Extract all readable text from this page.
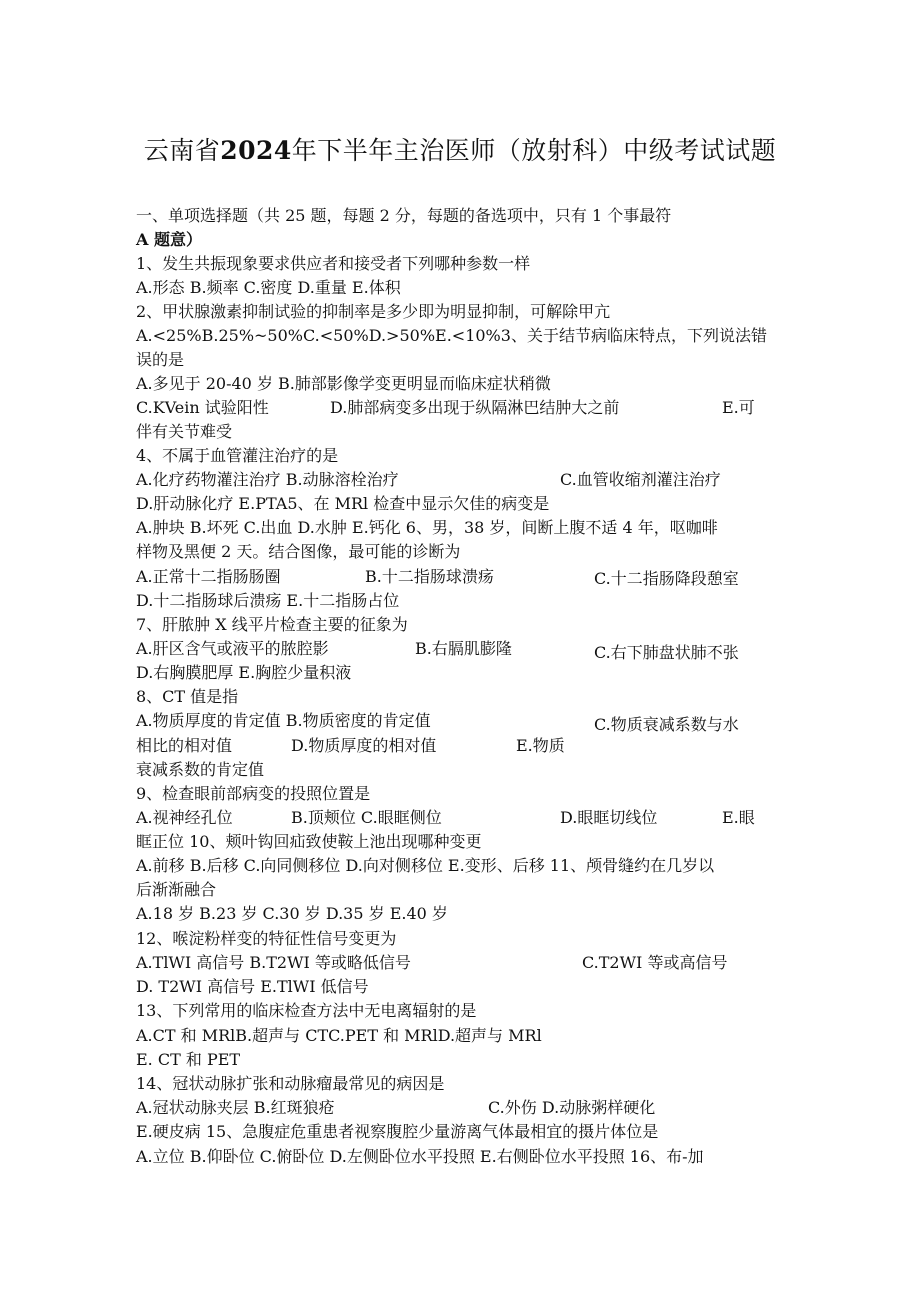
云南省2024年下半年主治医师（放射科）中级考试试题
一、单项选择题（共 25 题，每题 2 分，每题的备选项中，只有 1 个事最符
A 题意）
1、发生共振现象要求供应者和接受者下列哪种参数一样
A.形态 B.频率 C.密度 D.重量 E.体积
2、甲状腺激素抑制试验的抑制率是多少即为明显抑制，可解除甲亢
A.<25%B.25%~50%C.<50%D.>50%E.<10%3、关于结节病临床特点，下列说法错
误的是
A.多见于 20-40 岁 B.肺部影像学变更明显而临床症状稍微
C.KVein 试验阳性	D.肺部病变多出现于纵隔淋巴结肿大之前	E.可
伴有关节难受
4、不属于血管灌注治疗的是
A.化疗药物灌注治疗 B.动脉溶栓治疗	C.血管收缩剂灌注治疗
D.肝动脉化疗 E.PTA5、在 MRl 检查中显示欠佳的病变是
A.肿块 B.坏死 C.出血 D.水肿 E.钙化 6、男，38 岁，间断上腹不适 4 年，呕咖啡
样物及黑便 2 天。结合图像，最可能的诊断为
A.正常十二指肠肠圈	B.十二指肠球溃疡	C.十二指肠降段憩室
D.十二指肠球后溃疡 E.十二指肠占位
7、肝脓肿 X 线平片检查主要的征象为
A.肝区含气或液平的脓腔影	B.右膈肌膨隆	C.右下肺盘状肺不张
D.右胸膜肥厚 E.胸腔少量积液
8、CT 值是指
A.物质厚度的肯定值 B.物质密度的肯定值	C.物质衰减系数与水
相比的相对值	D.物质厚度的相对值	E.物质
衰减系数的肯定值
9、检查眼前部病变的投照位置是
A.视神经孔位	B.顶颊位 C.眼眶侧位	D.眼眶切线位	E.眼
眶正位 10、颊叶钩回疝致使鞍上池出现哪种变更
A.前移 B.后移 C.向同侧移位 D.向对侧移位 E.变形、后移 11、颅骨缝约在几岁以
后渐渐融合
A.18 岁 B.23 岁 C.30 岁 D.35 岁 E.40 岁
12、喉淀粉样变的特征性信号变更为
A.TlWI 高信号 B.T2WI 等或略低信号	C.T2WI 等或高信号
D. T2WI 高信号 E.TlWI 低信号
13、下列常用的临床检查方法中无电离辐射的是
A.CT 和 MRlB.超声与 CTC.PET 和 MRlD.超声与 MRl
E. CT 和 PET
14、冠状动脉扩张和动脉瘤最常见的病因是
A.冠状动脉夹层 B.红斑狼疮	C.外伤 D.动脉粥样硬化
E.硬皮病 15、急腹症危重患者视察腹腔少量游离气体最相宜的摄片体位是
A.立位 B.仰卧位 C.俯卧位 D.左侧卧位水平投照 E.右侧卧位水平投照 16、布-加
